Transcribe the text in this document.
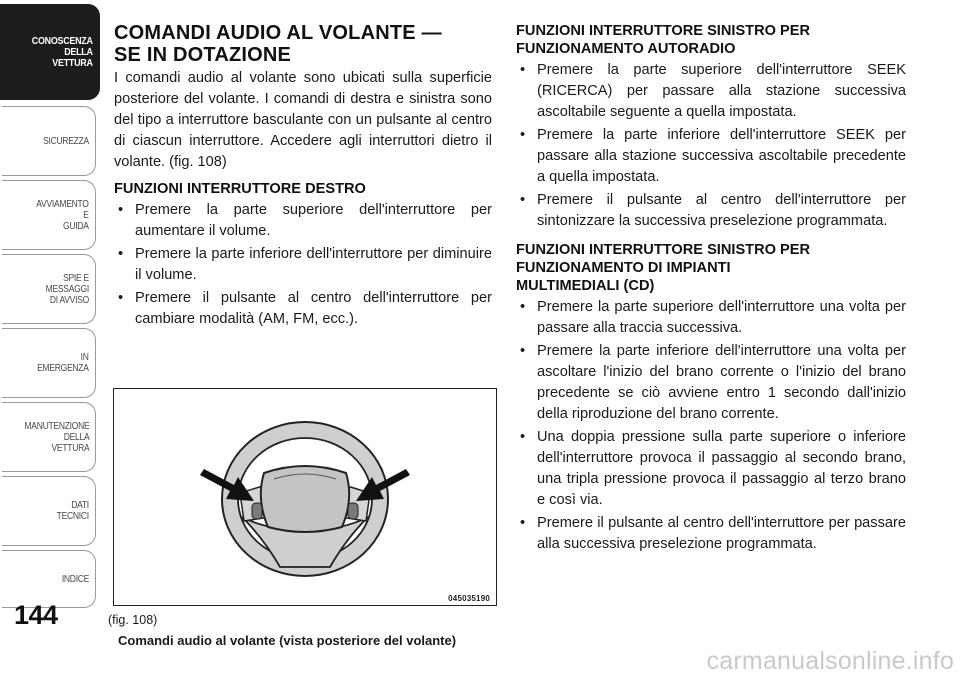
CONOSCENZA
DELLA
VETTURA
SICUREZZA
AVVIAMENTO
E
GUIDA
SPIE E
MESSAGGI
DI AVVISO
IN
EMERGENZA
MANUTENZIONE
DELLA
VETTURA
DATI
TECNICI
INDICE
144
COMANDI AUDIO AL VOLANTE —
SE IN DOTAZIONE

I comandi audio al volante sono ubicati sulla superficie posteriore del volante. I comandi di destra e sinistra sono del tipo a interruttore basculante con un pulsante al centro di ciascun interruttore. Accedere agli interruttori dietro il volante. (fig. 108)

FUNZIONI INTERRUTTORE DESTRO
• Premere la parte superiore dell'interruttore per aumentare il volume.
• Premere la parte inferiore dell'interruttore per diminuire il volume.
• Premere il pulsante al centro dell'interruttore per cambiare modalità (AM, FM, ecc.).
FUNZIONI INTERRUTTORE SINISTRO PER
FUNZIONAMENTO AUTORADIO
• Premere la parte superiore dell'interruttore SEEK (RICERCA) per passare alla stazione successiva ascoltabile seguente a quella impostata.
• Premere la parte inferiore dell'interruttore SEEK per passare alla stazione successiva ascoltabile precedente a quella impostata.
• Premere il pulsante al centro dell'interruttore per sintonizzare la successiva preselezione programmata.
FUNZIONI INTERRUTTORE SINISTRO PER
FUNZIONAMENTO DI IMPIANTI
MULTIMEDIALI (CD)
• Premere la parte superiore dell'interruttore una volta per passare alla traccia successiva.
• Premere la parte inferiore dell'interruttore una volta per ascoltare l'inizio del brano corrente o l'inizio del brano precedente se ciò avviene entro 1 secondo dall'inizio della riproduzione del brano corrente.
• Una doppia pressione sulla parte superiore o inferiore dell'interruttore provoca il passaggio al secondo brano, una tripla pressione provoca il passaggio al terzo brano e così via.
• Premere il pulsante al centro dell'interruttore per passare alla successiva preselezione programmata.
045035190
(fig. 108)
Comandi audio al volante (vista posteriore del volante)
carmanualsonline.info
